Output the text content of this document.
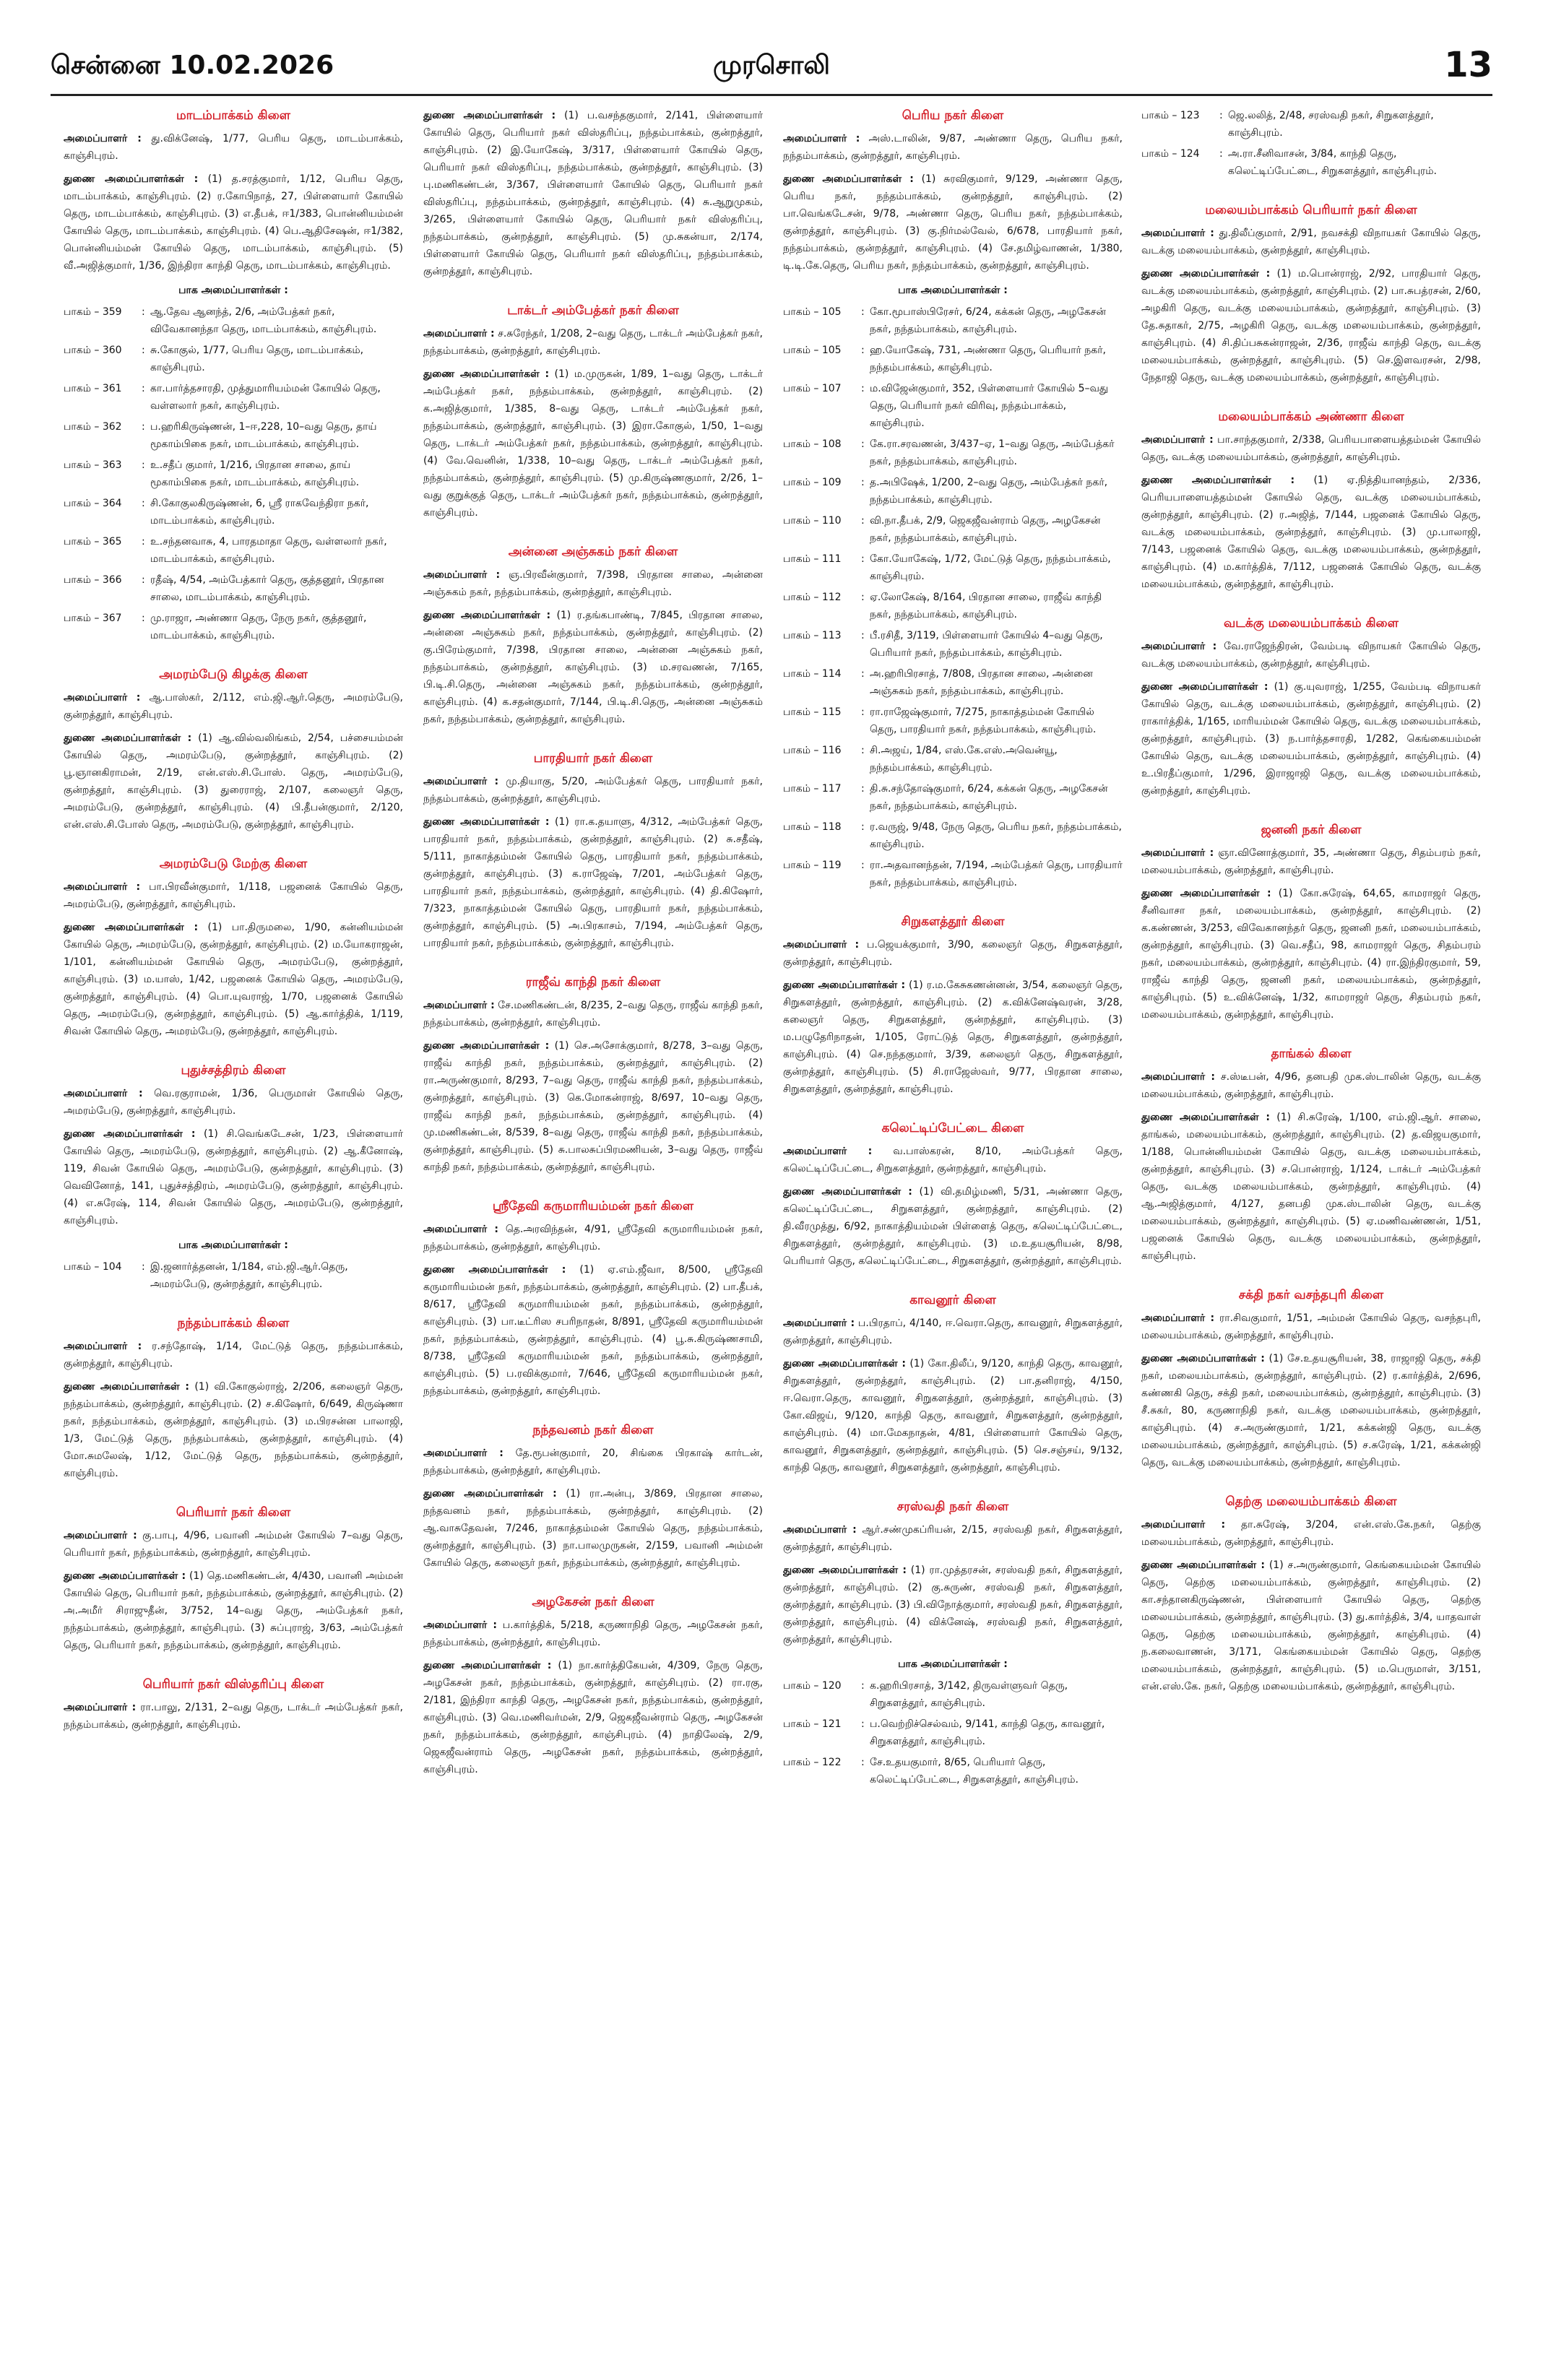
முரசொலி
சென்னை 10.02.2026	13
மாடம்பாக்கம் கிளை

அமைப்பாளர் : து.விக்னேஷ், 1/77, பெரிய தெரு, மாடம்பாக்கம், காஞ்சிபுரம்.

துணை அமைப்பாளர்கள் : (1) த.சரத்குமார், 1/12, பெரிய தெரு, மாடம்பாக்கம், காஞ்சிபுரம். (2) ர.கோபிநாத், 27, பிள்ளையார் கோயில் தெரு, மாடம்பாக்கம், காஞ்சிபுரம். (3) எ.தீபக், ஈ1/383, பொன்னியம்மன் கோயில் தெரு, மாடம்பாக்கம், காஞ்சிபுரம். (4) பெ.ஆதிசேஷன், ஈ1/382, பொன்னியம்மன் கோயில் தெரு, மாடம்பாக்கம், காஞ்சிபுரம். (5) வீ.அஜித்குமார், 1/36, இந்திரா காந்தி தெரு, மாடம்பாக்கம், காஞ்சிபுரம்.

பாக அமைப்பாளர்கள் :
பாகம் – 359	: ஆ.தேவ ஆனந்த், 2/6, அம்பேத்கர் நகர், விவேகானந்தா தெரு, மாடம்பாக்கம், காஞ்சிபுரம்.
பாகம் – 360	: சு.கோகுல், 1/77, பெரிய தெரு, மாடம்பாக்கம், காஞ்சிபுரம்.
பாகம் – 361	: கா.பார்த்தசாரதி, முத்துமாரியம்மன் கோயில் தெரு, வள்ளலார் நகர், காஞ்சிபுரம்.
பாகம் – 362	: ப.ஹரிகிருஷ்ணன், 1–ஈ,228, 10–வது தெரு, தாய் மூகாம்பிகை நகர், மாடம்பாக்கம், காஞ்சிபுரம்.
பாகம் – 363	: உ.சதீப் குமார், 1/216, பிரதான சாலை, தாய் மூகாம்பிகை நகர், மாடம்பாக்கம், காஞ்சிபுரம்.
பாகம் – 364	: சி.கோகுலகிருஷ்ணன், 6, ஸ்ரீ ராகவேந்திரா நகர், மாடம்பாக்கம், காஞ்சிபுரம்.
பாகம் – 365	: உ.சந்தனவாசு, 4, பாரதமாதா தெரு, வள்ளலார் நகர், மாடம்பாக்கம், காஞ்சிபுரம்.
பாகம் – 366	: ரதீஷ், 4/54, அம்பேத்கார் தெரு, குத்தனூர், பிரதான சாலை, மாடம்பாக்கம், காஞ்சிபுரம்.
பாகம் – 367	: மு.ராஜா, அண்ணா தெரு, நேரு நகர், குத்தனூர், மாடம்பாக்கம், காஞ்சிபுரம்.
அமரம்பேடு கிழக்கு கிளை

அமைப்பாளர் : ஆ.பாஸ்கர், 2/112, எம்.ஜி.ஆர்.தெரு, அமரம்பேடு, குன்றத்தூர், காஞ்சிபுரம்.

துணை அமைப்பாளர்கள் : (1) ஆ.வில்வலிங்கம், 2/54, பச்சையம்மன் கோயில் தெரு, அமரம்பேடு, குன்றத்தூர், காஞ்சிபுரம். (2) பூ.ஞானகிராமன், 2/19, என்.எஸ்.சி.போஸ். தெரு, அமரம்பேடு, குன்றத்தூர், காஞ்சிபுரம். (3) துரைராஜ், 2/107, கலைஞர் தெரு, அமரம்பேடு, குன்றத்தூர், காஞ்சிபுரம். (4) பி.தீபன்குமார், 2/120, என்.எஸ்.சி.போஸ் தெரு, அமரம்பேடு, குன்றத்தூர், காஞ்சிபுரம்.

அமரம்பேடு மேற்கு கிளை

அமைப்பாளர் : பா.பிரவீன்குமார், 1/118, பஜனைக் கோயில் தெரு, அமரம்பேடு, குன்றத்தூர், காஞ்சிபுரம்.

துணை அமைப்பாளர்கள் : (1) பா.திருமலை, 1/90, கன்னியம்மன் கோயில் தெரு, அமரம்பேடு, குன்றத்தூர், காஞ்சிபுரம். (2) ம.யோகராஜன், 1/101, கன்னியம்மன் கோயில் தெரு, அமரம்பேடு, குன்றத்தூர், காஞ்சிபுரம். (3) ம.யாஸ், 1/42, பஜனைக் கோயில் தெரு, அமரம்பேடு, குன்றத்தூர், காஞ்சிபுரம். (4) பொ.யுவராஜ், 1/70, பஜனைக் கோயில் தெரு, அமரம்பேடு, குன்றத்தூர், காஞ்சிபுரம். (5) ஆ.கார்த்திக், 1/119, சிவன் கோயில் தெரு, அமரம்பேடு, குன்றத்தூர், காஞ்சிபுரம்.

புதுச்சத்திரம் கிளை

அமைப்பாளர் : வெ.ரகுராமன், 1/36, பெருமாள் கோயில் தெரு, அமரம்பேடு, குன்றத்தூர், காஞ்சிபுரம்.

துணை அமைப்பாளர்கள் : (1) சி.வெங்கடேசன், 1/23, பிள்ளையார் கோயில் தெரு, அமரம்பேடு, குன்றத்தூர், காஞ்சிபுரம். (2) ஆ.கீனோஷ், 119, சிவன் கோயில் தெரு, அமரம்பேடு, குன்றத்தூர், காஞ்சிபுரம். (3) வெவினோத், 141, புதுச்சத்திரம், அமரம்பேடு, குன்றத்தூர், காஞ்சிபுரம். (4) எ.சுரேஷ், 114, சிவன் கோயில் தெரு, அமரம்பேடு, குன்றத்தூர், காஞ்சிபுரம்.

பாக அமைப்பாளர்கள் :
பாகம் – 104	: இ.ஜனார்த்தனன், 1/184, எம்.ஜி.ஆர்.தெரு, அமரம்பேடு, குன்றத்தூர், காஞ்சிபுரம்.
நந்தம்பாக்கம் கிளை

அமைப்பாளர் : ர.சந்தோஷ், 1/14, மேட்டுத் தெரு, நந்தம்பாக்கம், குன்றத்தூர், காஞ்சிபுரம்.

துணை அமைப்பாளர்கள் : (1) வி.கோகுல்ராஜ், 2/206, கலைஞர் தெரு, நந்தம்பாக்கம், குன்றத்தூர், காஞ்சிபுரம். (2) ச.கிஷோர், 6/649, கிருஷ்ணா நகர், நந்தம்பாக்கம், குன்றத்தூர், காஞ்சிபுரம். (3) ம.பிரசன்ன பாலாஜி, 1/3, மேட்டுத் தெரு, நந்தம்பாக்கம், குன்றத்தூர், காஞ்சிபுரம். (4) மோ.சுமலேஷ், 1/12, மேட்டுத் தெரு, நந்தம்பாக்கம், குன்றத்தூர், காஞ்சிபுரம்.

பெரியார் நகர் கிளை

அமைப்பாளர் : கு.பாபு, 4/96, பவானி அம்மன் கோயில் 7–வது தெரு, பெரியார் நகர், நந்தம்பாக்கம், குன்றத்தூர், காஞ்சிபுரம்.

துணை அமைப்பாளர்கள் : (1) தெ.மணிகண்டன், 4/430, பவானி அம்மன் கோயில் தெரு, பெரியார் நகர், நந்தம்பாக்கம், குன்றத்தூர், காஞ்சிபுரம். (2) அ.அமீர் சிராஜுதீன், 3/752, 14–வது தெரு, அம்பேத்கர் நகர், நந்தம்பாக்கம், குன்றத்தூர், காஞ்சிபுரம். (3) சுப்புராஜ், 3/63, அம்பேத்கர் தெரு, பெரியார் நகர், நந்தம்பாக்கம், குன்றத்தூர், காஞ்சிபுரம்.

பெரியார் நகர் விஸ்தரிப்பு கிளை

அமைப்பாளர் : ரா.பாலு, 2/131, 2–வது தெரு, டாக்டர் அம்பேத்கர் நகர், நந்தம்பாக்கம், குன்றத்தூர், காஞ்சிபுரம்.

துணை அமைப்பாளர்கள் : (1) ப.வசந்தகுமார், 2/141, பிள்ளையார் கோயில் தெரு, பெரியார் நகர் விஸ்தரிப்பு, நந்தம்பாக்கம், குன்றத்தூர், காஞ்சிபுரம். (2) இ.யோகேஷ், 3/317, பிள்ளையார் கோயில் தெரு, பெரியார் நகர் விஸ்தரிப்பு, நந்தம்பாக்கம், குன்றத்தூர், காஞ்சிபுரம். (3) பு.மணிகண்டன், 3/367, பிள்ளையார் கோயில் தெரு, பெரியார் நகர் விஸ்தரிப்பு, நந்தம்பாக்கம், குன்றத்தூர், காஞ்சிபுரம். (4) சு.ஆறுமுகம், 3/265, பிள்ளையார் கோயில் தெரு, பெரியார் நகர் விஸ்தரிப்பு, நந்தம்பாக்கம், குன்றத்தூர், காஞ்சிபுரம். (5) மு.சுகன்யா, 2/174, பிள்ளையார் கோயில் தெரு, பெரியார் நகர் விஸ்தரிப்பு, நந்தம்பாக்கம், குன்றத்தூர், காஞ்சிபுரம்.

டாக்டர் அம்பேத்கர் நகர் கிளை

அமைப்பாளர் : ச.சுரேந்தர், 1/208, 2–வது தெரு, டாக்டர் அம்பேத்கர் நகர், நந்தம்பாக்கம், குன்றத்தூர், காஞ்சிபுரம்.

துணை அமைப்பாளர்கள் : (1) ம.முருகன், 1/89, 1–வது தெரு, டாக்டர் அம்பேத்கர் நகர், நந்தம்பாக்கம், குன்றத்தூர், காஞ்சிபுரம். (2) க.அஜித்குமார், 1/385, 8–வது தெரு, டாக்டர் அம்பேத்கர் நகர், நந்தம்பாக்கம், குன்றத்தூர், காஞ்சிபுரம். (3) இரா.கோகுல், 1/50, 1–வது தெரு, டாக்டர் அம்பேத்கர் நகர், நந்தம்பாக்கம், குன்றத்தூர், காஞ்சிபுரம். (4) வே.வெனின், 1/338, 10–வது தெரு, டாக்டர் அம்பேத்கர் நகர், நந்தம்பாக்கம், குன்றத்தூர், காஞ்சிபுரம். (5) மு.கிருஷ்ணகுமார், 2/26, 1–வது குறுக்குத் தெரு, டாக்டர் அம்பேத்கர் நகர், நந்தம்பாக்கம், குன்றத்தூர், காஞ்சிபுரம்.

அன்னை அஞ்சுகம் நகர் கிளை

அமைப்பாளர் : ஞ.பிரவீன்குமார், 7/398, பிரதான சாலை, அன்னை அஞ்சுகம் நகர், நந்தம்பாக்கம், குன்றத்தூர், காஞ்சிபுரம்.

துணை அமைப்பாளர்கள் : (1) ர.தங்கபாண்டி, 7/845, பிரதான சாலை, அன்னை அஞ்சுகம் நகர், நந்தம்பாக்கம், குன்றத்தூர், காஞ்சிபுரம். (2) கு.பிரேம்குமார், 7/398, பிரதான சாலை, அன்னை அஞ்சுகம் நகர், நந்தம்பாக்கம், குன்றத்தூர், காஞ்சிபுரம். (3) ம.சரவணன், 7/165, பி.டி.சி.தெரு, அன்னை அஞ்சுகம் நகர், நந்தம்பாக்கம், குன்றத்தூர், காஞ்சிபுரம். (4) க.சதன்குமார், 7/144, பி.டி.சி.தெரு, அன்னை அஞ்சுகம் நகர், நந்தம்பாக்கம், குன்றத்தூர், காஞ்சிபுரம்.

பாரதியார் நகர் கிளை

அமைப்பாளர் : மு.தியாகு, 5/20, அம்பேத்கர் தெரு, பாரதியார் நகர், நந்தம்பாக்கம், குன்றத்தூர், காஞ்சிபுரம்.

துணை அமைப்பாளர்கள் : (1) ரா.க.தயாளு, 4/312, அம்பேத்கர் தெரு, பாரதியார் நகர், நந்தம்பாக்கம், குன்றத்தூர், காஞ்சிபுரம். (2) சு.சதீஷ், 5/111, நாகாத்தம்மன் கோயில் தெரு, பாரதியார் நகர், நந்தம்பாக்கம், குன்றத்தூர், காஞ்சிபுரம். (3) க.ராஜேஷ், 7/201, அம்பேத்கர் தெரு, பாரதியார் நகர், நந்தம்பாக்கம், குன்றத்தூர், காஞ்சிபுரம். (4) தி.கிஷோர், 7/323, நாகாத்தம்மன் கோயில் தெரு, பாரதியார் நகர், நந்தம்பாக்கம், குன்றத்தூர், காஞ்சிபுரம். (5) அ.பிரகாசம், 7/194, அம்பேத்கர் தெரு, பாரதியார் நகர், நந்தம்பாக்கம், குன்றத்தூர், காஞ்சிபுரம்.

ராஜீவ் காந்தி நகர் கிளை

அமைப்பாளர் : சே.மணிகண்டன், 8/235, 2–வது தெரு, ராஜீவ் காந்தி நகர், நந்தம்பாக்கம், குன்றத்தூர், காஞ்சிபுரம்.

துணை அமைப்பாளர்கள் : (1) செ.அசோக்குமார், 8/278, 3–வது தெரு, ராஜீவ் காந்தி நகர், நந்தம்பாக்கம், குன்றத்தூர், காஞ்சிபுரம். (2) ரா.அருண்குமார், 8/293, 7–வது தெரு, ராஜீவ் காந்தி நகர், நந்தம்பாக்கம், குன்றத்தூர், காஞ்சிபுரம். (3) கெ.மோகன்ராஜ், 8/697, 10–வது தெரு, ராஜீவ் காந்தி நகர், நந்தம்பாக்கம், குன்றத்தூர், காஞ்சிபுரம். (4) மு.மணிகண்டன், 8/539, 8–வது தெரு, ராஜீவ் காந்தி நகர், நந்தம்பாக்கம், குன்றத்தூர், காஞ்சிபுரம். (5) சு.பாலசுப்பிரமணியன், 3–வது தெரு, ராஜீவ் காந்தி நகர், நந்தம்பாக்கம், குன்றத்தூர், காஞ்சிபுரம்.

ஸ்ரீதேவி கருமாரியம்மன் நகர் கிளை

அமைப்பாளர் : தெ.அரவிந்தன், 4/91, ஸ்ரீதேவி கருமாரியம்மன் நகர், நந்தம்பாக்கம், குன்றத்தூர், காஞ்சிபுரம்.

துணை அமைப்பாளர்கள் : (1) ஏ.எம்.ஜீவா, 8/500, ஸ்ரீதேவி கருமாரியம்மன் நகர், நந்தம்பாக்கம், குன்றத்தூர், காஞ்சிபுரம். (2) பா.தீபக், 8/617, ஸ்ரீதேவி கருமாரியம்மன் நகர், நந்தம்பாக்கம், குன்றத்தூர், காஞ்சிபுரம். (3) பா.டீட்ரிஸ சபரிநாதன், 8/891, ஸ்ரீதேவி கருமாரியம்மன் நகர், நந்தம்பாக்கம், குன்றத்தூர், காஞ்சிபுரம். (4) பூ.சு.கிருஷ்ணசாமி, 8/738, ஸ்ரீதேவி கருமாரியம்மன் நகர், நந்தம்பாக்கம், குன்றத்தூர், காஞ்சிபுரம். (5) ப.ரவிக்குமார், 7/646, ஸ்ரீதேவி கருமாரியம்மன் நகர், நந்தம்பாக்கம், குன்றத்தூர், காஞ்சிபுரம்.

நந்தவனம் நகர் கிளை

அமைப்பாளர் : தே.ரூபன்குமார், 20, சிங்கை பிரகாஷ் கார்டன், நந்தம்பாக்கம், குன்றத்தூர், காஞ்சிபுரம்.

துணை அமைப்பாளர்கள் : (1) ரா.அன்பு, 3/869, பிரதான சாலை, நந்தவனம் நகர், நந்தம்பாக்கம், குன்றத்தூர், காஞ்சிபுரம். (2) ஆ.வாசுதேவன், 7/246, நாகாத்தம்மன் கோயில் தெரு, நந்தம்பாக்கம், குன்றத்தூர், காஞ்சிபுரம். (3) நா.பாலமுருகன், 2/159, பவானி அம்மன் கோயில் தெரு, கலைஞர் நகர், நந்தம்பாக்கம், குன்றத்தூர், காஞ்சிபுரம்.

அழகேசன் நகர் கிளை

அமைப்பாளர் : ப.கார்த்திக், 5/218, கருணாநிதி தெரு, அழகேசன் நகர், நந்தம்பாக்கம், குன்றத்தூர், காஞ்சிபுரம்.

துணை அமைப்பாளர்கள் : (1) நா.கார்த்திகேயன், 4/309, நேரு தெரு, அழகேசன் நகர், நந்தம்பாக்கம், குன்றத்தூர், காஞ்சிபுரம். (2) ரா.ரகு, 2/181, இந்திரா காந்தி தெரு, அழகேசன் நகர், நந்தம்பாக்கம், குன்றத்தூர், காஞ்சிபுரம். (3) வெ.மணிவர்மன், 2/9, ஜெகஜீவன்ராம் தெரு, அழகேசன் நகர், நந்தம்பாக்கம், குன்றத்தூர், காஞ்சிபுரம். (4) நாதிலேஷ், 2/9, ஜெகஜீவன்ராம் தெரு, அழகேசன் நகர், நந்தம்பாக்கம், குன்றத்தூர், காஞ்சிபுரம்.

பெரிய நகர் கிளை

அமைப்பாளர் : அஸ்.டாலின், 9/87, அண்ணா தெரு, பெரிய நகர், நந்தம்பாக்கம், குன்றத்தூர், காஞ்சிபுரம்.

துணை அமைப்பாளர்கள் : (1) சுரவிகுமார், 9/129, அண்ணா தெரு, பெரிய நகர், நந்தம்பாக்கம், குன்றத்தூர், காஞ்சிபுரம். (2) பா.வெங்கடேசன், 9/78, அண்ணா தெரு, பெரிய நகர், நந்தம்பாக்கம், குன்றத்தூர், காஞ்சிபுரம். (3) கு.நிர்மல்வேல், 6/678, பாரதியார் நகர், நந்தம்பாக்கம், குன்றத்தூர், காஞ்சிபுரம். (4) சே.தமிழ்வாணன், 1/380, டி.டி.கே.தெரு, பெரிய நகர், நந்தம்பாக்கம், குன்றத்தூர், காஞ்சிபுரம்.

பாக அமைப்பாளர்கள் :
பாகம் – 105	: கோ.மூபாஸ்பிரேசர், 6/24, கக்கன் தெரு, அழகேசன் நகர், நந்தம்பாக்கம், காஞ்சிபுரம்.
பாகம் – 105	: ஹ.யோகேஷ், 731, அண்ணா தெரு, பெரியார் நகர், நந்தம்பாக்கம், காஞ்சிபுரம்.
பாகம் – 107	: ம.விஜேன்குமார், 352, பிள்ளையார் கோயில் 5–வது தெரு, பெரியார் நகர் விரிவு, நந்தம்பாக்கம், காஞ்சிபுரம்.
பாகம் – 108	: கே.ரா.சரவணன், 3/437–ஏ, 1–வது தெரு, அம்பேத்கர் நகர், நந்தம்பாக்கம், காஞ்சிபுரம்.
பாகம் – 109	: த.அபிஷேக், 1/200, 2–வது தெரு, அம்பேத்கர் நகர், நந்தம்பாக்கம், காஞ்சிபுரம்.
பாகம் – 110	: வி.நா.தீபக், 2/9, ஜெகஜீவன்ராம் தெரு, அழகேசன் நகர், நந்தம்பாக்கம், காஞ்சிபுரம்.
பாகம் – 111	: கோ.யோகேஷ், 1/72, மேட்டுத் தெரு, நந்தம்பாக்கம், காஞ்சிபுரம்.
பாகம் – 112	: ஏ.லோகேஷ், 8/164, பிரதான சாலை, ராஜீவ் காந்தி நகர், நந்தம்பாக்கம், காஞ்சிபுரம்.
பாகம் – 113	: பீ.ரசிதீ, 3/119, பிள்ளையார் கோயில் 4–வது தெரு, பெரியார் நகர், நந்தம்பாக்கம், காஞ்சிபுரம்.
பாகம் – 114	: அ.ஹரிபிரசாத், 7/808, பிரதான சாலை, அன்னை அஞ்சுகம் நகர், நந்தம்பாக்கம், காஞ்சிபுரம்.
பாகம் – 115	: ரா.ராஜேஷ்குமார், 7/275, நாகாத்தம்மன் கோயில் தெரு, பாரதியார் நகர், நந்தம்பாக்கம், காஞ்சிபுரம்.
பாகம் – 116	: சி.அஜய், 1/84, எஸ்.கே.எஸ்.அவென்யூ, நந்தம்பாக்கம், காஞ்சிபுரம்.
பாகம் – 117	: தி.சு.சந்தோஷ்குமார், 6/24, கக்கன் தெரு, அழகேசன் நகர், நந்தம்பாக்கம், காஞ்சிபுரம்.
பாகம் – 118	: ர.வருஜ், 9/48, நேரு தெரு, பெரிய நகர், நந்தம்பாக்கம், காஞ்சிபுரம்.
பாகம் – 119	: ரா.அதவானந்தன், 7/194, அம்பேத்கர் தெரு, பாரதியார் நகர், நந்தம்பாக்கம், காஞ்சிபுரம்.
சிறுகளத்தூர் கிளை

அமைப்பாளர் : ப.ஜெயக்குமார், 3/90, கலைஞர் தெரு, சிறுகளத்தூர், குன்றத்தூர், காஞ்சிபுரம்.

துணை அமைப்பாளர்கள் : (1) ர.ம.கேசுகணன்னன், 3/54, கலைஞர் தெரு, சிறுகளத்தூர், குன்றத்தூர், காஞ்சிபுரம். (2) க.விக்னேஷ்வரன், 3/28, கலைஞர் தெரு, சிறுகளத்தூர், குன்றத்தூர், காஞ்சிபுரம். (3) ம.பழுதேரிநாதன், 1/105, ரோட்டுத் தெரு, சிறுகளத்தூர், குன்றத்தூர், காஞ்சிபுரம். (4) செ.நந்தகுமார், 3/39, கலைஞர் தெரு, சிறுகளத்தூர், குன்றத்தூர், காஞ்சிபுரம். (5) சி.ராஜேஸ்வர், 9/77, பிரதான சாலை, சிறுகளத்தூர், குன்றத்தூர், காஞ்சிபுரம்.

கலெட்டிப்பேட்டை கிளை

அமைப்பாளர் : வ.பாஸ்கரன், 8/10, அம்பேத்கர் தெரு, கலெட்டிப்பேட்டை, சிறுகளத்தூர், குன்றத்தூர், காஞ்சிபுரம்.

துணை அமைப்பாளர்கள் : (1) வி.தமிழ்மணி, 5/31, அண்ணா தெரு, கலெட்டிப்பேட்டை, சிறுகளத்தூர், குன்றத்தூர், காஞ்சிபுரம். (2) தி.வீரமுத்து, 6/92, நாகாத்தியம்மன் பிள்ளைத் தெரு, கலெட்டிப்பேட்டை, சிறுகளத்தூர், குன்றத்தூர், காஞ்சிபுரம். (3) ம.உதயசூரியன், 8/98, பெரியார் தெரு, கலெட்டிப்பேட்டை, சிறுகளத்தூர், குன்றத்தூர், காஞ்சிபுரம்.

காவனூர் கிளை

அமைப்பாளர் : ப.பிரதாப், 4/140, ஈ.வெரா.தெரு, காவனூர், சிறுகளத்தூர், குன்றத்தூர், காஞ்சிபுரம்.

துணை அமைப்பாளர்கள் : (1) கோ.திலீப், 9/120, காந்தி தெரு, காவனூர், சிறுகளத்தூர், குன்றத்தூர், காஞ்சிபுரம். (2) பா.தனிராஜ், 4/150, ஈ.வெரா.தெரு, காவனூர், சிறுகளத்தூர், குன்றத்தூர், காஞ்சிபுரம். (3) கோ.விஜய், 9/120, காந்தி தெரு, காவனூர், சிறுகளத்தூர், குன்றத்தூர், காஞ்சிபுரம். (4) மா.மேகநாதன், 4/81, பிள்ளையார் கோயில் தெரு, காவனூர், சிறுகளத்தூர், குன்றத்தூர், காஞ்சிபுரம். (5) செ.சஞ்சய், 9/132, காந்தி தெரு, காவனூர், சிறுகளத்தூர், குன்றத்தூர், காஞ்சிபுரம்.

சரஸ்வதி நகர் கிளை

அமைப்பாளர் : ஆர்.சண்முகப்ரியன், 2/15, சரஸ்வதி நகர், சிறுகளத்தூர், குன்றத்தூர், காஞ்சிபுரம்.

துணை அமைப்பாளர்கள் : (1) ரா.முத்தரசன், சரஸ்வதி நகர், சிறுகளத்தூர், குன்றத்தூர், காஞ்சிபுரம். (2) கு.சுருண், சரஸ்வதி நகர், சிறுகளத்தூர், குன்றத்தூர், காஞ்சிபுரம். (3) பி.விநோத்குமார், சரஸ்வதி நகர், சிறுகளத்தூர், குன்றத்தூர், காஞ்சிபுரம். (4) விக்னேஷ், சரஸ்வதி நகர், சிறுகளத்தூர், குன்றத்தூர், காஞ்சிபுரம்.

பாக அமைப்பாளர்கள் :
பாகம் – 120	: க.ஹரிபிரசாத், 3/142, திருவள்ளுவர் தெரு, சிறுகளத்தூர், காஞ்சிபுரம்.
பாகம் – 121	: ப.வெற்றிச்செல்வம், 9/141, காந்தி தெரு, காவனூர், சிறுகளத்தூர், காஞ்சிபுரம்.
பாகம் – 122	: சே.உதயகுமார், 8/65, பெரியார் தெரு, கலெட்டிப்பேட்டை, சிறுகளத்தூர், காஞ்சிபுரம்.
பாகம் – 123	: ஜெ.லலித், 2/48, சரஸ்வதி நகர், சிறுகளத்தூர், காஞ்சிபுரம்.
பாகம் – 124	: அ.ரா.சீனிவாசன், 3/84, காந்தி தெரு, கலெட்டிப்பேட்டை, சிறுகளத்தூர், காஞ்சிபுரம்.
மலையம்பாக்கம் பெரியார் நகர் கிளை

அமைப்பாளர் : து.திலீப்குமார், 2/91, நவசக்தி விநாயகர் கோயில் தெரு, வடக்கு மலையம்பாக்கம், குன்றத்தூர், காஞ்சிபுரம்.

துணை அமைப்பாளர்கள் : (1) ம.பொன்ராஜ், 2/92, பாரதியார் தெரு, வடக்கு மலையம்பாக்கம், குன்றத்தூர், காஞ்சிபுரம். (2) பா.சுபத்ரசன், 2/60, அழகிரி தெரு, வடக்கு மலையம்பாக்கம், குன்றத்தூர், காஞ்சிபுரம். (3) தே.சுதாகர், 2/75, அழகிரி தெரு, வடக்கு மலையம்பாக்கம், குன்றத்தூர், காஞ்சிபுரம். (4) சி.திப்பசுகன்ராஜன், 2/36, ராஜீவ் காந்தி தெரு, வடக்கு மலையம்பாக்கம், குன்றத்தூர், காஞ்சிபுரம். (5) செ.இளவரசன், 2/98, நேதாஜி தெரு, வடக்கு மலையம்பாக்கம், குன்றத்தூர், காஞ்சிபுரம்.

மலையம்பாக்கம் அண்ணா கிளை

அமைப்பாளர் : பா.சாந்தகுமார், 2/338, பெரியபாளையத்தம்மன் கோயில் தெரு, வடக்கு மலையம்பாக்கம், குன்றத்தூர், காஞ்சிபுரம்.

துணை அமைப்பாளர்கள் : (1) ஏ.நித்தியானந்தம், 2/336, பெரியபாளையத்தம்மன் கோயில் தெரு, வடக்கு மலையம்பாக்கம், குன்றத்தூர், காஞ்சிபுரம். (2) ர.அஜித், 7/144, பஜனைக் கோயில் தெரு, வடக்கு மலையம்பாக்கம், குன்றத்தூர், காஞ்சிபுரம். (3) மு.பாலாஜி, 7/143, பஜனைக் கோயில் தெரு, வடக்கு மலையம்பாக்கம், குன்றத்தூர், காஞ்சிபுரம். (4) ம.கார்த்திக், 7/112, பஜனைக் கோயில் தெரு, வடக்கு மலையம்பாக்கம், குன்றத்தூர், காஞ்சிபுரம்.

வடக்கு மலையம்பாக்கம் கிளை

அமைப்பாளர் : வே.ராஜேந்திரன், வேம்படி விநாயகர் கோயில் தெரு, வடக்கு மலையம்பாக்கம், குன்றத்தூர், காஞ்சிபுரம்.

துணை அமைப்பாளர்கள் : (1) கு.யுவராஜ், 1/255, வேம்படி விநாயகர் கோயில் தெரு, வடக்கு மலையம்பாக்கம், குன்றத்தூர், காஞ்சிபுரம். (2) ராகார்த்திக், 1/165, மாரியம்மன் கோயில் தெரு, வடக்கு மலையம்பாக்கம், குன்றத்தூர், காஞ்சிபுரம். (3) ந.பார்த்தசாரதி, 1/282, கெங்கையம்மன் கோயில் தெரு, வடக்கு மலையம்பாக்கம், குன்றத்தூர், காஞ்சிபுரம். (4) உ.பிரதீப்குமார், 1/296, இராஜாஜி தெரு, வடக்கு மலையம்பாக்கம், குன்றத்தூர், காஞ்சிபுரம்.

ஜனனி நகர் கிளை

அமைப்பாளர் : ஞா.வினோத்குமார், 35, அண்ணா தெரு, சிதம்பரம் நகர், மலையம்பாக்கம், குன்றத்தூர், காஞ்சிபுரம்.

துணை அமைப்பாளர்கள் : (1) கோ.சுரேஷ், 64,65, காமராஜர் தெரு, சீனிவாசா நகர், மலையம்பாக்கம், குன்றத்தூர், காஞ்சிபுரம். (2) க.கண்ணன், 3/253, விவேகானந்தர் தெரு, ஜனனி நகர், மலையம்பாக்கம், குன்றத்தூர், காஞ்சிபுரம். (3) வெ.சதீப், 98, காமராஜர் தெரு, சிதம்பரம் நகர், மலையம்பாக்கம், குன்றத்தூர், காஞ்சிபுரம். (4) ரா.இந்திரகுமார், 59, ராஜீவ் காந்தி தெரு, ஜனனி நகர், மலையம்பாக்கம், குன்றத்தூர், காஞ்சிபுரம். (5) உ.விக்னேஷ், 1/32, காமராஜர் தெரு, சிதம்பரம் நகர், மலையம்பாக்கம், குன்றத்தூர், காஞ்சிபுரம்.

தாங்கல் கிளை

அமைப்பாளர் : ச.ஸ்டீபன், 4/96, தனபதி முக.ஸ்டாலின் தெரு, வடக்கு மலையம்பாக்கம், குன்றத்தூர், காஞ்சிபுரம்.

துணை அமைப்பாளர்கள் : (1) சி.சுரேஷ், 1/100, எம்.ஜி.ஆர். சாலை, தாங்கல், மலையம்பாக்கம், குன்றத்தூர், காஞ்சிபுரம். (2) த.விஜயகுமார், 1/188, பொன்னியம்மன் கோயில் தெரு, வடக்கு மலையம்பாக்கம், குன்றத்தூர், காஞ்சிபுரம். (3) ச.பொன்ராஜ், 1/124, டாக்டர் அம்பேத்கர் தெரு, வடக்கு மலையம்பாக்கம், குன்றத்தூர், காஞ்சிபுரம். (4) ஆ.அஜித்குமார், 4/127, தனபதி முக.ஸ்டாலின் தெரு, வடக்கு மலையம்பாக்கம், குன்றத்தூர், காஞ்சிபுரம். (5) ஏ.மணிவண்ணன், 1/51, பஜனைக் கோயில் தெரு, வடக்கு மலையம்பாக்கம், குன்றத்தூர், காஞ்சிபுரம்.

சக்தி நகர் வசந்தபுரி கிளை

அமைப்பாளர் : ரா.சிவகுமார், 1/51, அம்மன் கோயில் தெரு, வசந்தபுரி, மலையம்பாக்கம், குன்றத்தூர், காஞ்சிபுரம்.

துணை அமைப்பாளர்கள் : (1) சே.உதயசூரியன், 38, ராஜாஜி தெரு, சக்தி நகர், மலையம்பாக்கம், குன்றத்தூர், காஞ்சிபுரம். (2) ர.கார்த்திக், 2/696, கண்ணகி தெரு, சக்தி நகர், மலையம்பாக்கம், குன்றத்தூர், காஞ்சிபுரம். (3) சீ.சுகர், 80, கருணாநிதி நகர், வடக்கு மலையம்பாக்கம், குன்றத்தூர், காஞ்சிபுரம். (4) ச.அருண்குமார், 1/21, கக்கன்ஜி தெரு, வடக்கு மலையம்பாக்கம், குன்றத்தூர், காஞ்சிபுரம். (5) ச.சுரேஷ், 1/21, கக்கன்ஜி தெரு, வடக்கு மலையம்பாக்கம், குன்றத்தூர், காஞ்சிபுரம்.

தெற்கு மலையம்பாக்கம் கிளை

அமைப்பாளர் : தா.சுரேஷ், 3/204, என்.எஸ்.கே.நகர், தெற்கு மலையம்பாக்கம், குன்றத்தூர், காஞ்சிபுரம்.

துணை அமைப்பாளர்கள் : (1) ச.அருண்குமார், கெங்கையம்மன் கோயில் தெரு, தெற்கு மலையம்பாக்கம், குன்றத்தூர், காஞ்சிபுரம். (2) கா.சந்தானகிருஷ்ணன், பிள்ளையார் கோயில் தெரு, தெற்கு மலையம்பாக்கம், குன்றத்தூர், காஞ்சிபுரம். (3) து.கார்த்திக், 3/4, யாதவாள் தெரு, தெற்கு மலையம்பாக்கம், குன்றத்தூர், காஞ்சிபுரம். (4) ந.கலைவாணன், 3/171, கெங்கையம்மன் கோயில் தெரு, தெற்கு மலையம்பாக்கம், குன்றத்தூர், காஞ்சிபுரம். (5) ம.பெருமாள், 3/151, என்.எஸ்.கே. நகர், தெற்கு மலையம்பாக்கம், குன்றத்தூர், காஞ்சிபுரம்.
